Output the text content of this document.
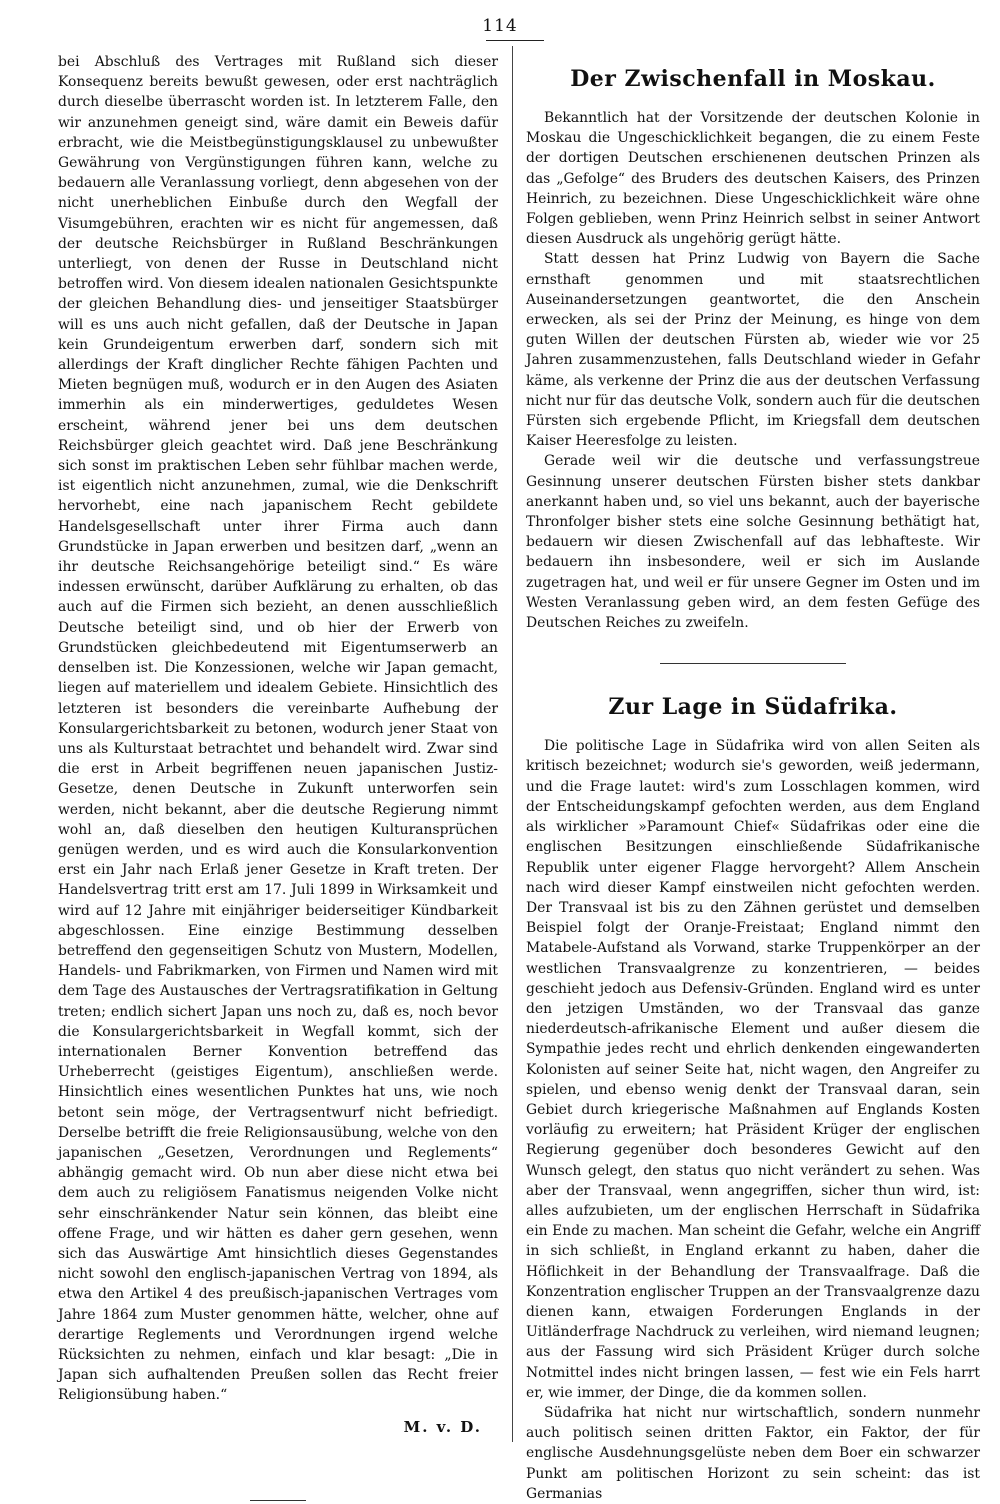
114

bei Abschluß des Vertrages mit Rußland sich dieser Konsequenz bereits bewußt gewesen, oder erst nachträglich durch dieselbe überrascht worden ist. In letzterem Falle, den wir anzunehmen geneigt sind, wäre damit ein Beweis dafür erbracht, wie die Meistbegünstigungsklausel zu unbewußter Gewährung von Vergünstigungen führen kann, welche zu bedauern alle Veranlassung vorliegt, denn abgesehen von der nicht unerheblichen Einbuße durch den Wegfall der Visumgebühren, erachten wir es nicht für angemessen, daß der deutsche Reichsbürger in Rußland Beschränkungen unterliegt, von denen der Russe in Deutschland nicht betroffen wird. Von diesem idealen nationalen Gesichtspunkte der gleichen Behandlung dies- und jenseitiger Staatsbürger will es uns auch nicht gefallen, daß der Deutsche in Japan kein Grundeigentum erwerben darf, sondern sich mit allerdings der Kraft dinglicher Rechte fähigen Pachten und Mieten begnügen muß, wodurch er in den Augen des Asiaten immerhin als ein minderwertiges, geduldetes Wesen erscheint, während jener bei uns dem deutschen Reichsbürger gleich geachtet wird. Daß jene Beschränkung sich sonst im praktischen Leben sehr fühlbar machen werde, ist eigentlich nicht anzunehmen, zumal, wie die Denkschrift hervorhebt, eine nach japanischem Recht gebildete Handelsgesellschaft unter ihrer Firma auch dann Grundstücke in Japan erwerben und besitzen darf, „wenn an ihr deutsche Reichsangehörige beteiligt sind.“ Es wäre indessen erwünscht, darüber Aufklärung zu erhalten, ob das auch auf die Firmen sich bezieht, an denen ausschließlich Deutsche beteiligt sind, und ob hier der Erwerb von Grundstücken gleichbedeutend mit Eigentumserwerb an denselben ist. Die Konzessionen, welche wir Japan gemacht, liegen auf materiellem und idealem Gebiete. Hinsichtlich des letzteren ist besonders die vereinbarte Aufhebung der Konsulargerichtsbarkeit zu betonen, wodurch jener Staat von uns als Kulturstaat betrachtet und behandelt wird. Zwar sind die erst in Arbeit begriffenen neuen japanischen Justiz-Gesetze, denen Deutsche in Zukunft unterworfen sein werden, nicht bekannt, aber die deutsche Regierung nimmt wohl an, daß dieselben den heutigen Kulturansprüchen genügen werden, und es wird auch die Konsularkonvention erst ein Jahr nach Erlaß jener Gesetze in Kraft treten. Der Handelsvertrag tritt erst am 17. Juli 1899 in Wirksamkeit und wird auf 12 Jahre mit einjähriger beiderseitiger Kündbarkeit abgeschlossen. Eine einzige Bestimmung desselben betreffend den gegenseitigen Schutz von Mustern, Modellen, Handels- und Fabrikmarken, von Firmen und Namen wird mit dem Tage des Austausches der Vertragsratifikation in Geltung treten; endlich sichert Japan uns noch zu, daß es, noch bevor die Konsulargerichtsbarkeit in Wegfall kommt, sich der internationalen Berner Konvention betreffend das Urheberrecht (geistiges Eigentum), anschließen werde. Hinsichtlich eines wesentlichen Punktes hat uns, wie noch betont sein möge, der Vertragsentwurf nicht befriedigt. Derselbe betrifft die freie Religionsausübung, welche von den japanischen „Gesetzen, Verordnungen und Reglements“ abhängig gemacht wird. Ob nun aber diese nicht etwa bei dem auch zu religiösem Fanatismus neigenden Volke nicht sehr einschränkender Natur sein können, das bleibt eine offene Frage, und wir hätten es daher gern gesehen, wenn sich das Auswärtige Amt hinsichtlich dieses Gegenstandes nicht sowohl den englisch-japanischen Vertrag von 1894, als etwa den Artikel 4 des preußisch-japanischen Vertrages vom Jahre 1864 zum Muster genommen hätte, welcher, ohne auf derartige Reglements und Verordnungen irgend welche Rücksichten zu nehmen, einfach und klar besagt: „Die in Japan sich aufhaltenden Preußen sollen das Recht freier Religionsübung haben.“

M. v. D.
Der Zwischenfall in Moskau.

Bekanntlich hat der Vorsitzende der deutschen Kolonie in Moskau die Ungeschicklichkeit begangen, die zu einem Feste der dortigen Deutschen erschienenen deutschen Prinzen als das „Gefolge“ des Bruders des deutschen Kaisers, des Prinzen Heinrich, zu bezeichnen. Diese Ungeschicklichkeit wäre ohne Folgen geblieben, wenn Prinz Heinrich selbst in seiner Antwort diesen Ausdruck als ungehörig gerügt hätte.

Statt dessen hat Prinz Ludwig von Bayern die Sache ernsthaft genommen und mit staatsrechtlichen Auseinandersetzungen geantwortet, die den Anschein erwecken, als sei der Prinz der Meinung, es hinge von dem guten Willen der deutschen Fürsten ab, wieder wie vor 25 Jahren zusammenzustehen, falls Deutschland wieder in Gefahr käme, als verkenne der Prinz die aus der deutschen Verfassung nicht nur für das deutsche Volk, sondern auch für die deutschen Fürsten sich ergebende Pflicht, im Kriegsfall dem deutschen Kaiser Heeresfolge zu leisten.

Gerade weil wir die deutsche und verfassungstreue Gesinnung unserer deutschen Fürsten bisher stets dankbar anerkannt haben und, so viel uns bekannt, auch der bayerische Thronfolger bisher stets eine solche Gesinnung bethätigt hat, bedauern wir diesen Zwischenfall auf das lebhafteste. Wir bedauern ihn insbesondere, weil er sich im Auslande zugetragen hat, und weil er für unsere Gegner im Osten und im Westen Veranlassung geben wird, an dem festen Gefüge des Deutschen Reiches zu zweifeln.

Zur Lage in Südafrika.

Die politische Lage in Südafrika wird von allen Seiten als kritisch bezeichnet; wodurch sie's geworden, weiß jedermann, und die Frage lautet: wird's zum Losschlagen kommen, wird der Entscheidungskampf gefochten werden, aus dem England als wirklicher »Paramount Chief« Südafrikas oder eine die englischen Besitzungen einschließende Südafrikanische Republik unter eigener Flagge hervorgeht? Allem Anschein nach wird dieser Kampf einstweilen nicht gefochten werden. Der Transvaal ist bis zu den Zähnen gerüstet und demselben Beispiel folgt der Oranje-Freistaat; England nimmt den Matabele-Aufstand als Vorwand, starke Truppenkörper an der westlichen Transvaalgrenze zu konzentrieren, — beides geschieht jedoch aus Defensiv-Gründen. England wird es unter den jetzigen Umständen, wo der Transvaal das ganze niederdeutsch-afrikanische Element und außer diesem die Sympathie jedes recht und ehrlich denkenden eingewanderten Kolonisten auf seiner Seite hat, nicht wagen, den Angreifer zu spielen, und ebenso wenig denkt der Transvaal daran, sein Gebiet durch kriegerische Maßnahmen auf Englands Kosten vorläufig zu erweitern; hat Präsident Krüger der englischen Regierung gegenüber doch besonderes Gewicht auf den Wunsch gelegt, den status quo nicht verändert zu sehen. Was aber der Transvaal, wenn angegriffen, sicher thun wird, ist: alles aufzubieten, um der englischen Herrschaft in Südafrika ein Ende zu machen. Man scheint die Gefahr, welche ein Angriff in sich schließt, in England erkannt zu haben, daher die Höflichkeit in der Behandlung der Transvaalfrage. Daß die Konzentration englischer Truppen an der Transvaalgrenze dazu dienen kann, etwaigen Forderungen Englands in der Uitländerfrage Nachdruck zu verleihen, wird niemand leugnen; aus der Fassung wird sich Präsident Krüger durch solche Notmittel indes nicht bringen lassen, — fest wie ein Fels harrt er, wie immer, der Dinge, die da kommen sollen.

Südafrika hat nicht nur wirtschaftlich, sondern nunmehr auch politisch seinen dritten Faktor, ein Faktor, der für englische Ausdehnungsgelüste neben dem Boer ein schwarzer Punkt am politischen Horizont zu sein scheint: das ist Germanias
